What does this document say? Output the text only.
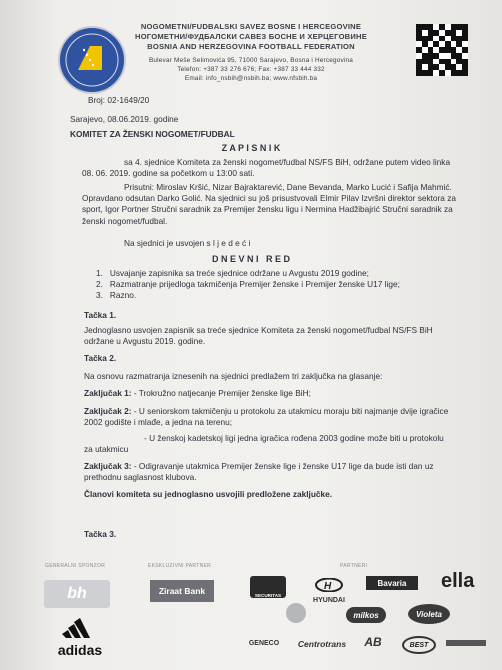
NOGOMETNI/FUDBALSKI SAVEZ BOSNE I HERCEGOVINE
НОГОМЕТНИ/ФУДБАЛСКИ САВЕЗ БОСНЕ И ХЕРЦЕГОВИНЕ
BOSNIA AND HERZEGOVINA FOOTBALL FEDERATION
Bulevar Meše Selimovića 95, 71000 Sarajevo, Bosna i Hercegovina
Telefon: +387 33 276 676; Fax: +387 33 444 332
Email: info_nsbih@nsbih.ba; www.nfsbih.ba
Broj: 02-1649/20
Sarajevo, 08.06.2019. godine
KOMITET ZA ŽENSKI NOGOMET/FUDBAL
Z A P I S N I K
sa 4. sjednice Komiteta za ženski nogomet/fudbal NS/FS BiH, održane putem video linka 08. 06. 2019. godine sa početkom u 13:00 sati.
Prisutni: Miroslav Kršić, Nizar Bajraktarević, Dane Bevanda, Marko Lucić i Safija Mahmić. Opravdano odsutan Darko Golić. Na sjednici su još prisustvovali Elmir Pilav Izvršni direktor sektora za sport, Igor Portner Stručni saradnik za Premijer žensku ligu i Nermina Hadžibajrić Stručni saradnik za ženski nogomet/fudbal.
Na sjednici je usvojen s l j e d e ć i
D N E V N I   R E D
1.   Usvajanje zapisnika sa treće sjednice održane u Avgustu 2019 godine;
2.   Razmatranje prijedloga takmičenja Premijer ženske i Premijer ženske U17 lige;
3.   Razno.
Tačka 1.
Jednoglasno usvojen zapisnik sa treće sjednice Komiteta za ženski nogomet/fudbal NS/FS BiH održane u Avgustu 2019. godine.
Tačka 2.
Na osnovu razmatranja iznesenih na sjednici predlažem tri zaključka na glasanje:
Zaključak 1: - Trokružno natjecanje Premijer ženske lige BiH;
Zaključak 2: - U seniorskom takmičenju u protokolu za utakmicu moraju biti najmanje dvije igračice 2002 godište i mlađe, a jedna na terenu;
- U ženskoj kadetskoj ligi jedna igračica rođena 2003 godine može biti u protokolu za utakmicu
Zaključak 3: - Odigravanje utakmica Premijer ženske lige i ženske U17 lige da bude isti dan uz prethodnu saglasnost klubova.
Članovi komiteta su jednoglasno usvojili predložene zaključke.
Tačka 3.
GENERALNI SPONZOR	EKSKLUZIVNI PARTNER	PARTNERI
bh	Ziraat Bank	SECURITAS
H
HYUNDAI
Bavaria ella
milkos	Violeta
adidas	GENECO	Centrotrans	AB	BEST
